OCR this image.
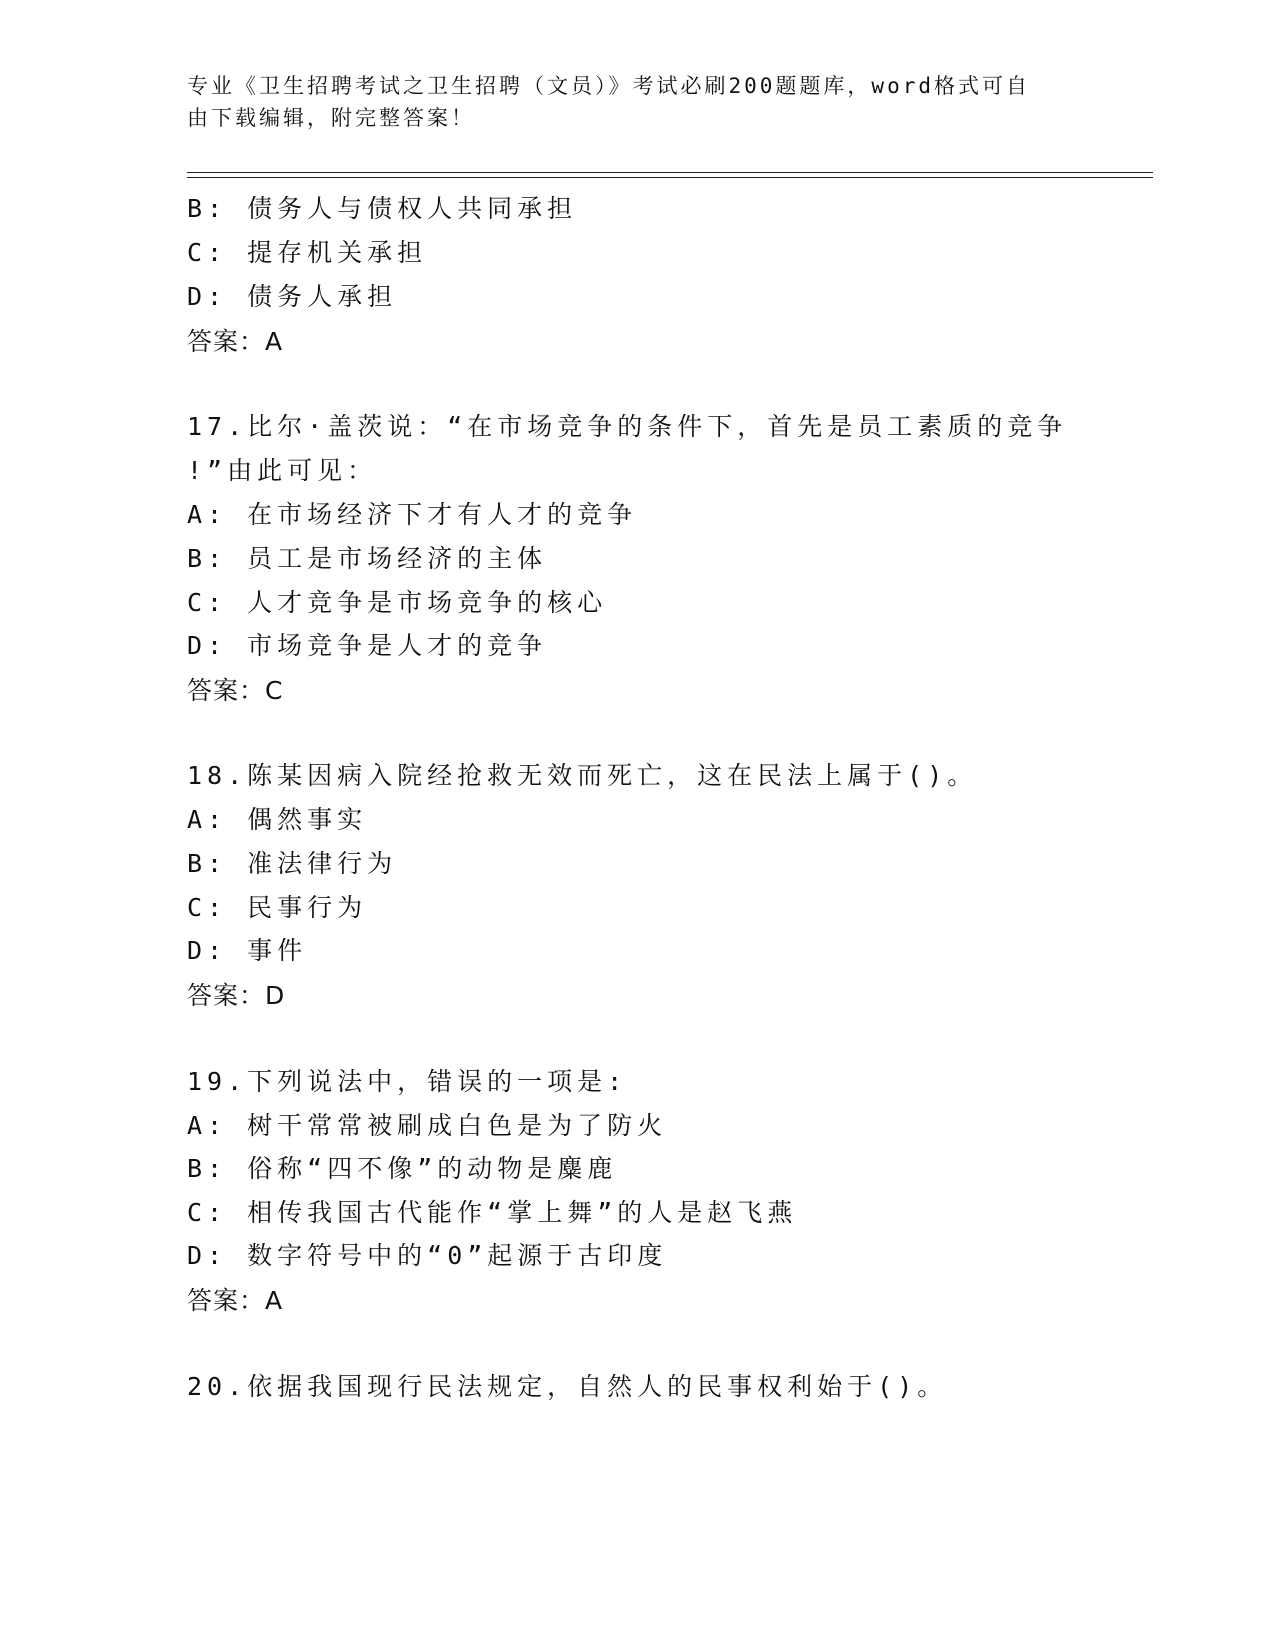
专业《卫生招聘考试之卫生招聘（文员）》考试必刷200题题库，word格式可自
由下载编辑，附完整答案！
B: 债务人与债权人共同承担
C: 提存机关承担
D: 债务人承担
答案：A
17.比尔·盖茨说：“在市场竞争的条件下，首先是员工素质的竞争
!”由此可见：
A: 在市场经济下才有人才的竞争
B: 员工是市场经济的主体
C: 人才竞争是市场竞争的核心
D: 市场竞争是人才的竞争
答案：C
18.陈某因病入院经抢救无效而死亡，这在民法上属于()。
A: 偶然事实
B: 准法律行为
C: 民事行为
D: 事件
答案：D
19.下列说法中，错误的一项是:
A: 树干常常被刷成白色是为了防火
B: 俗称“四不像”的动物是麋鹿
C: 相传我国古代能作“掌上舞”的人是赵飞燕
D: 数字符号中的“0”起源于古印度
答案：A
20.依据我国现行民法规定，自然人的民事权利始于()。
